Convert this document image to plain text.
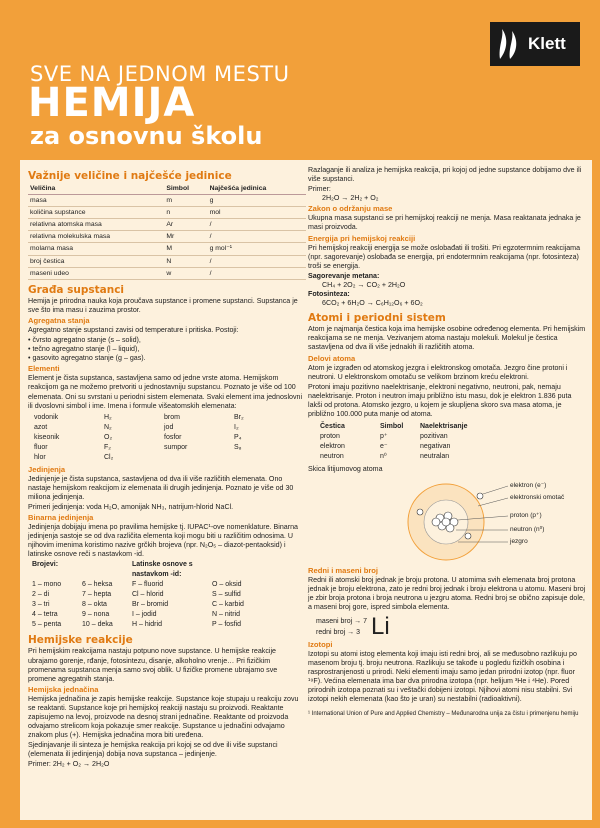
SVE NA JEDNOM MESTU
HEMIJA
za osnovnu školu
Klett
Važnije veličine i najčešće jedinice
Veličina	Simbol	Najčešća jedinica
masa	m	g
količina supstance	n	mol
relativna atomska masa	Ar	/
relativna molekulska masa	Mr	/
molarna masa	M	g mol⁻¹
broj čestica	N	/
maseni udeo	w	/
Građa supstanci
Hemija je prirodna nauka koja proučava supstance i promene supstanci. Supstanca je sve što ima masu i zauzima prostor.
Agregatna stanja
Agregatno stanje supstanci zavisi od temperature i pritiska. Postoji:
• čvrsto agregatno stanje (s – solid),
• tečno agregatno stanje (l – liquid),
• gasovito agregatno stanje (g – gas).
Elementi
Element je čista supstanca, sastavljena samo od jedne vrste atoma. Hemijskom reakcijom ga ne možemo pretvoriti u jednostavniju supstancu. Poznato je više od 100 elemenata. Oni su svrstani u periodni sistem elemenata. Svaki element ima jednoslovni ili dvoslovni simbol i ime. Imena i formule višeatomskih elemenata:
vodonik	H₂	brom	Br₂
azot	N₂	jod	I₂
kiseonik	O₂	fosfor	P₄
fluor	F₂	sumpor	S₈
hlor	Cl₂
Jedinjenja
Jedinjenje je čista supstanca, sastavljena od dva ili više različitih elemenata. Ono nastaje hemijskom reakcijom iz elemenata ili drugih jedinjenja. Poznato je više od 30 miliona jedinjenja.
Primeri jedinjenja: voda H₂O, amonijak NH₃, natrijum-hlorid NaCl.
Binarna jedinjenja
Jedinjenja dobijaju imena po pravilima hemijske tj. IUPAC¹-ove nomenklature. Binarna jedinjenja sastoje se od dva različita elementa koji mogu biti u različitim odnosima. U njihovim imenima koristimo nazive grčkih brojeva (npr. N₂O₅ – diazot-pentaoksid) i latinske osnove reči s nastavkom -id.
Brojevi:	Latinske osnove s nastavkom -id:
1 – mono	6 – heksa	F – fluorid	O – oksid
2 – di	7 – hepta	Cl – hlorid	S – sulfid
3 – tri	8 – okta	Br – bromid	C – karbid
4 – tetra	9 – nona	I – jodid	N – nitrid
5 – penta	10 – deka	H – hidrid	P – fosfid
Hemijske reakcije
Pri hemijskim reakcijama nastaju potpuno nove supstance. U hemijske reakcije ubrajamo gorenje, rđanje, fotosintezu, disanje, alkoholno vrenje… Pri fizičkim promenama supstanca menja samo svoj oblik. U fizičke promene ubrajamo sve promene agregatnih stanja.
Hemijska jednačina
Hemijska jednačina je zapis hemijske reakcije. Supstance koje stupaju u reakciju zovu se reaktanti. Supstance koje pri hemijskoj reakciji nastaju su proizvodi. Reaktante zapisujemo na levoj, proizvode na desnoj strani jednačine. Reaktante od proizvoda odvajamo strelicom koja pokazuje smer reakcije. Supstance u jednačini odvajamo znakom plus (+). Hemijska jednačina mora biti uređena.
Sjedinjavanje ili sinteza je hemijska reakcija pri kojoj se od dve ili više supstanci (elemenata ili jedinjenja) dobija nova supstanca – jedinjenje.
Primer: 2H₂ + O₂ → 2H₂O
Razlaganje ili analiza je hemijska reakcija, pri kojoj od jedne supstance dobijamo dve ili više supstanci.
Primer:
2H₂O → 2H₂ + O₂
Zakon o održanju mase
Ukupna masa supstanci se pri hemijskoj reakciji ne menja. Masa reaktanata jednaka je masi proizvoda.
Energija pri hemijskoj reakciji
Pri hemijskoj reakciji energija se može oslobađati ili trošiti. Pri egzotermnim reakcijama (npr. sagorevanje) oslobađa se energija, pri endotermnim reakcijama (npr. fotosinteza) troši se energija.
Sagorevanje metana:
CH₄ + 2O₂ → CO₂ + 2H₂O
Fotosinteza:
6CO₂ + 6H₂O → C₆H₁₂O₆ + 6O₂
Atomi i periodni sistem
Atom je najmanja čestica koja ima hemijske osobine određenog elementa. Pri hemijskim reakcijama se ne menja. Vezivanjem atoma nastaju molekuli. Molekul je čestica sastavljena od dva ili više jednakih ili različitih atoma.
Delovi atoma
Atom je izgrađen od atomskog jezgra i elektronskog omotača. Jezgro čine protoni i neutroni. U elektronskom omotaču se velikom brzinom kreću elektroni.
Protoni imaju pozitivno naelektrisanje, elektroni negativno, neutroni, pak, nemaju naelektrisanje. Proton i neutron imaju približno istu masu, dok je elektron 1.836 puta lakši od protona. Atomsko jezgro, u kojem je skupljena skoro sva masa atoma, je približno 100.000 puta manje od atoma.
Čestica	Simbol	Naelektrisanje
proton	p⁺	pozitivan
elektron	e⁻	negativan
neutron	n⁰	neutralan
Skica litijumovog atoma
elektron (e⁻)
elektronski omotač
proton (p⁺)
neutron (n⁰)
jezgro
Redni i maseni broj
Redni ili atomski broj jednak je broju protona. U atomima svih elemenata broj protona jednak je broju elektrona, zato je redni broj jednak i broju elektrona u atomu. Maseni broj je zbir broja protona i broja neutrona u jezgru atoma. Redni broj se obično zapisuje dole, a maseni broj gore, ispred simbola elementa.
maseni broj → 7
redni broj → 3 Li
Izotopi
Izotopi su atomi istog elementa koji imaju isti redni broj, ali se međusobno razlikuju po masenom broju tj. broju neutrona. Razlikuju se takođe u pogledu fizičkih osobina i rasprostranjenosti u prirodi. Neki elementi imaju samo jedan prirodni izotop (npr. fluor ¹⁹F). Većina elemenata ima bar dva prirodna izotopa (npr. helijum ³He i ⁴He). Pored prirodnih izotopa poznati su i veštački dobijeni izotopi. Njihovi atomi nisu stabilni. Svi izotopi nekih elemenata (kao što je uran) su nestabilni (radioaktivni).
¹ International Union of Pure and Applied Chemistry – Međunarodna unija za čistu i primenjenu hemiju
